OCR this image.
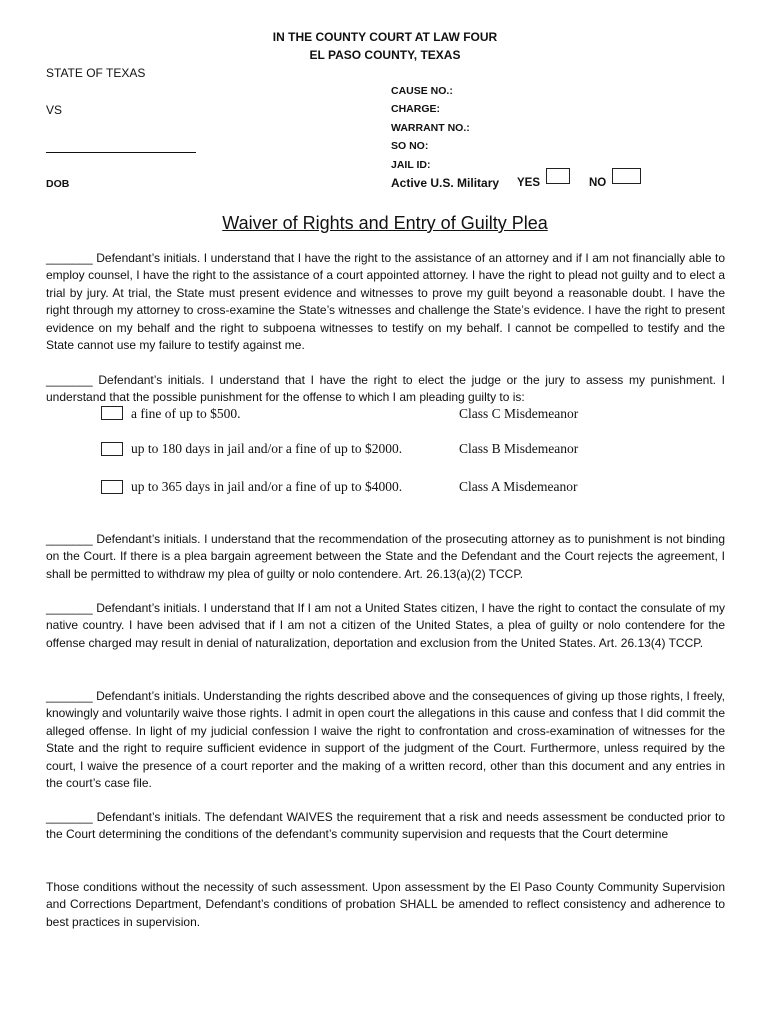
IN THE COUNTY COURT AT LAW FOUR
EL PASO COUNTY, TEXAS
STATE OF TEXAS
VS
DOB
CAUSE NO.:
CHARGE:
WARRANT NO.:
SO NO:
JAIL ID:
Active U.S. Military YES	NO
Waiver of Rights and Entry of Guilty Plea

_______ Defendant’s initials. I understand that I have the right to the assistance of an attorney and if I am not financially able to employ counsel, I have the right to the assistance of a court appointed attorney. I have the right to plead not guilty and to elect a trial by jury. At trial, the State must present evidence and witnesses to prove my guilt beyond a reasonable doubt. I have the right through my attorney to cross-examine the State’s witnesses and challenge the State’s evidence. I have the right to present evidence on my behalf and the right to subpoena witnesses to testify on my behalf. I cannot be compelled to testify and the State cannot use my failure to testify against me.

_______ Defendant’s initials. I understand that I have the right to elect the judge or the jury to assess my punishment. I understand that the possible punishment for the offense to which I am pleading guilty to is:

a fine of up to $500.	Class C Misdemeanor
up to 180 days in jail and/or a fine of up to $2000.	Class B Misdemeanor
up to 365 days in jail and/or a fine of up to $4000.	Class A Misdemeanor

_______ Defendant’s initials. I understand that the recommendation of the prosecuting attorney as to punishment is not binding on the Court. If there is a plea bargain agreement between the State and the Defendant and the Court rejects the agreement, I shall be permitted to withdraw my plea of guilty or nolo contendere. Art. 26.13(a)(2) TCCP.

_______ Defendant’s initials. I understand that If I am not a United States citizen, I have the right to contact the consulate of my native country. I have been advised that if I am not a citizen of the United States, a plea of guilty or nolo contendere for the offense charged may result in denial of naturalization, deportation and exclusion from the United States. Art. 26.13(4) TCCP.

_______ Defendant’s initials. Understanding the rights described above and the consequences of giving up those rights, I freely, knowingly and voluntarily waive those rights. I admit in open court the allegations in this cause and confess that I did commit the alleged offense. In light of my judicial confession I waive the right to confrontation and cross-examination of witnesses for the State and the right to require sufficient evidence in support of the judgment of the Court. Furthermore, unless required by the court, I waive the presence of a court reporter and the making of a written record, other than this document and any entries in the court’s case file.

_______ Defendant’s initials. The defendant WAIVES the requirement that a risk and needs assessment be conducted prior to the Court determining the conditions of the defendant’s community supervision and requests that the Court determine

Those conditions without the necessity of such assessment. Upon assessment by the El Paso County Community Supervision and Corrections Department, Defendant’s conditions of probation SHALL be amended to reflect consistency and adherence to best practices in supervision.
